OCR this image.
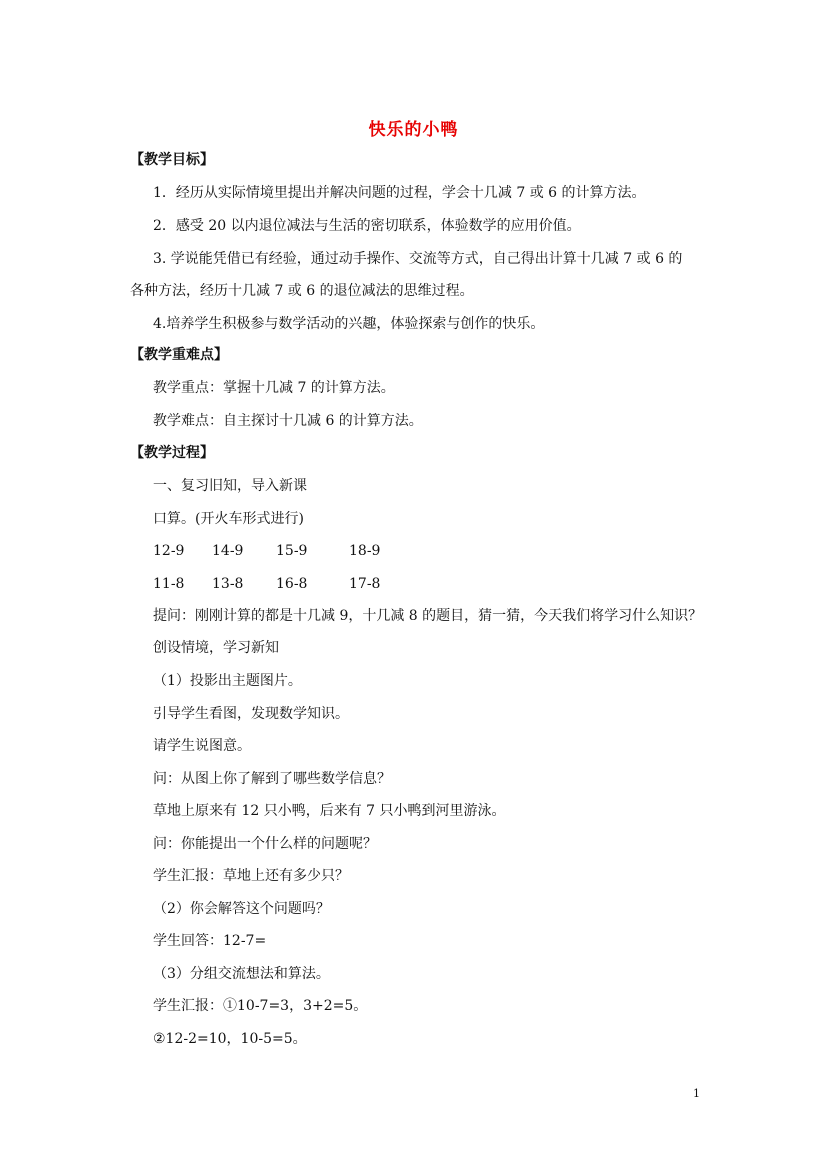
快乐的小鸭
【教学目标】
1．经历从实际情境里提出并解决问题的过程，学会十几减 7 或 6 的计算方法。
2．感受 20 以内退位减法与生活的密切联系，体验数学的应用价值。
3. 学说能凭借已有经验，通过动手操作、交流等方式，自己得出计算十几减 7 或 6 的
各种方法，经历十几减 7 或 6 的退位减法的思维过程。
4.培养学生积极参与数学活动的兴趣，体验探索与创作的快乐。
【教学重难点】
教学重点：掌握十几减 7 的计算方法。
教学难点：自主探讨十几减 6 的计算方法。
【教学过程】
一、复习旧知，导入新课
口算。(开火车形式进行)
12-9 14-9 15-9	18-9
11-8 13-8 16-8	17-8
提问：刚刚计算的都是十几减 9，十几减 8 的题目，猜一猜，今天我们将学习什么知识？
创设情境，学习新知
（1）投影出主题图片。
引导学生看图，发现数学知识。
请学生说图意。
问：从图上你了解到了哪些数学信息？
草地上原来有 12 只小鸭，后来有 7 只小鸭到河里游泳。
问：你能提出一个什么样的问题呢？
学生汇报：草地上还有多少只？
（2）你会解答这个问题吗？
学生回答：12-7=
（3）分组交流想法和算法。
学生汇报：①10-7=3，3+2=5。
②12-2=10，10-5=5。
1
